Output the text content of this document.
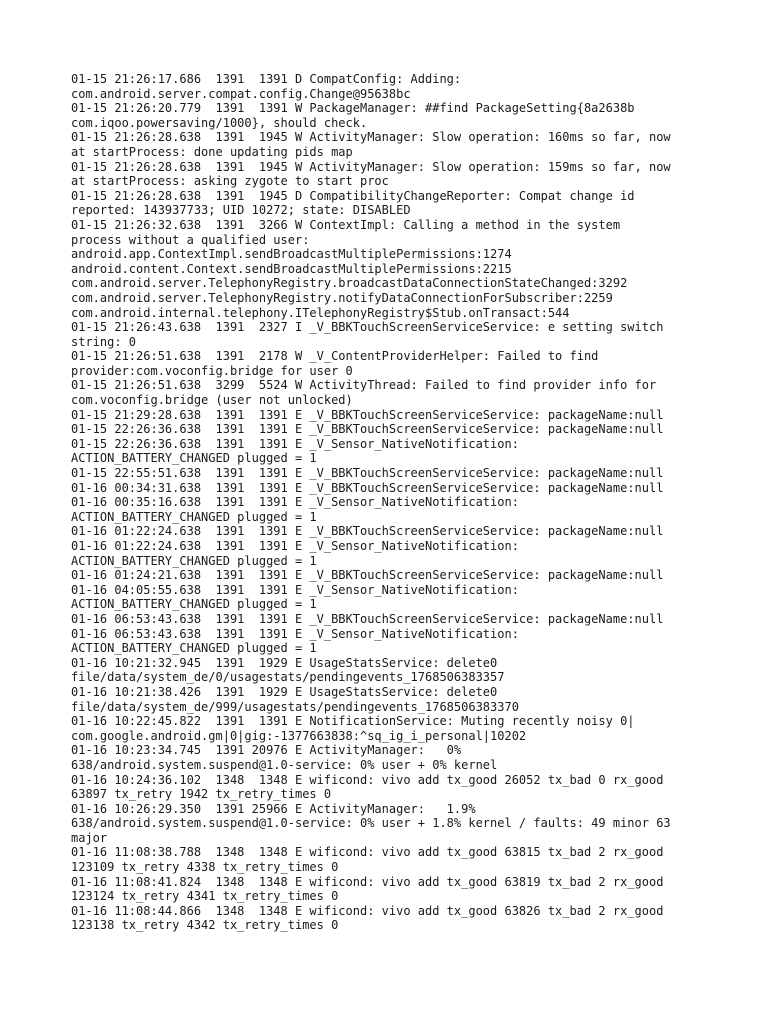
01-15 21:26:17.686  1391  1391 D CompatConfig: Adding:
com.android.server.compat.config.Change@95638bc
01-15 21:26:20.779  1391  1391 W PackageManager: ##find PackageSetting{8a2638b
com.iqoo.powersaving/1000}, should check.
01-15 21:26:28.638  1391  1945 W ActivityManager: Slow operation: 160ms so far, now
at startProcess: done updating pids map
01-15 21:26:28.638  1391  1945 W ActivityManager: Slow operation: 159ms so far, now
at startProcess: asking zygote to start proc
01-15 21:26:28.638  1391  1945 D CompatibilityChangeReporter: Compat change id
reported: 143937733; UID 10272; state: DISABLED
01-15 21:26:32.638  1391  3266 W ContextImpl: Calling a method in the system
process without a qualified user:
android.app.ContextImpl.sendBroadcastMultiplePermissions:1274
android.content.Context.sendBroadcastMultiplePermissions:2215
com.android.server.TelephonyRegistry.broadcastDataConnectionStateChanged:3292
com.android.server.TelephonyRegistry.notifyDataConnectionForSubscriber:2259
com.android.internal.telephony.ITelephonyRegistry$Stub.onTransact:544
01-15 21:26:43.638  1391  2327 I _V_BBKTouchScreenServiceService: e setting switch
string: 0
01-15 21:26:51.638  1391  2178 W _V_ContentProviderHelper: Failed to find
provider:com.voconfig.bridge for user 0
01-15 21:26:51.638  3299  5524 W ActivityThread: Failed to find provider info for
com.voconfig.bridge (user not unlocked)
01-15 21:29:28.638  1391  1391 E _V_BBKTouchScreenServiceService: packageName:null
01-15 22:26:36.638  1391  1391 E _V_BBKTouchScreenServiceService: packageName:null
01-15 22:26:36.638  1391  1391 E _V_Sensor_NativeNotification:
ACTION_BATTERY_CHANGED plugged = 1
01-15 22:55:51.638  1391  1391 E _V_BBKTouchScreenServiceService: packageName:null
01-16 00:34:31.638  1391  1391 E _V_BBKTouchScreenServiceService: packageName:null
01-16 00:35:16.638  1391  1391 E _V_Sensor_NativeNotification:
ACTION_BATTERY_CHANGED plugged = 1
01-16 01:22:24.638  1391  1391 E _V_BBKTouchScreenServiceService: packageName:null
01-16 01:22:24.638  1391  1391 E _V_Sensor_NativeNotification:
ACTION_BATTERY_CHANGED plugged = 1
01-16 01:24:21.638  1391  1391 E _V_BBKTouchScreenServiceService: packageName:null
01-16 04:05:55.638  1391  1391 E _V_Sensor_NativeNotification:
ACTION_BATTERY_CHANGED plugged = 1
01-16 06:53:43.638  1391  1391 E _V_BBKTouchScreenServiceService: packageName:null
01-16 06:53:43.638  1391  1391 E _V_Sensor_NativeNotification:
ACTION_BATTERY_CHANGED plugged = 1
01-16 10:21:32.945  1391  1929 E UsageStatsService: delete0
file/data/system_de/0/usagestats/pendingevents_1768506383357
01-16 10:21:38.426  1391  1929 E UsageStatsService: delete0
file/data/system_de/999/usagestats/pendingevents_1768506383370
01-16 10:22:45.822  1391  1391 E NotificationService: Muting recently noisy 0|
com.google.android.gm|0|gig:-1377663838:^sq_ig_i_personal|10202
01-16 10:23:34.745  1391 20976 E ActivityManager:   0%
638/android.system.suspend@1.0-service: 0% user + 0% kernel
01-16 10:24:36.102  1348  1348 E wificond: vivo add tx_good 26052 tx_bad 0 rx_good
63897 tx_retry 1942 tx_retry_times 0
01-16 10:26:29.350  1391 25966 E ActivityManager:   1.9%
638/android.system.suspend@1.0-service: 0% user + 1.8% kernel / faults: 49 minor 63
major
01-16 11:08:38.788  1348  1348 E wificond: vivo add tx_good 63815 tx_bad 2 rx_good
123109 tx_retry 4338 tx_retry_times 0
01-16 11:08:41.824  1348  1348 E wificond: vivo add tx_good 63819 tx_bad 2 rx_good
123124 tx_retry 4341 tx_retry_times 0
01-16 11:08:44.866  1348  1348 E wificond: vivo add tx_good 63826 tx_bad 2 rx_good
123138 tx_retry 4342 tx_retry_times 0
